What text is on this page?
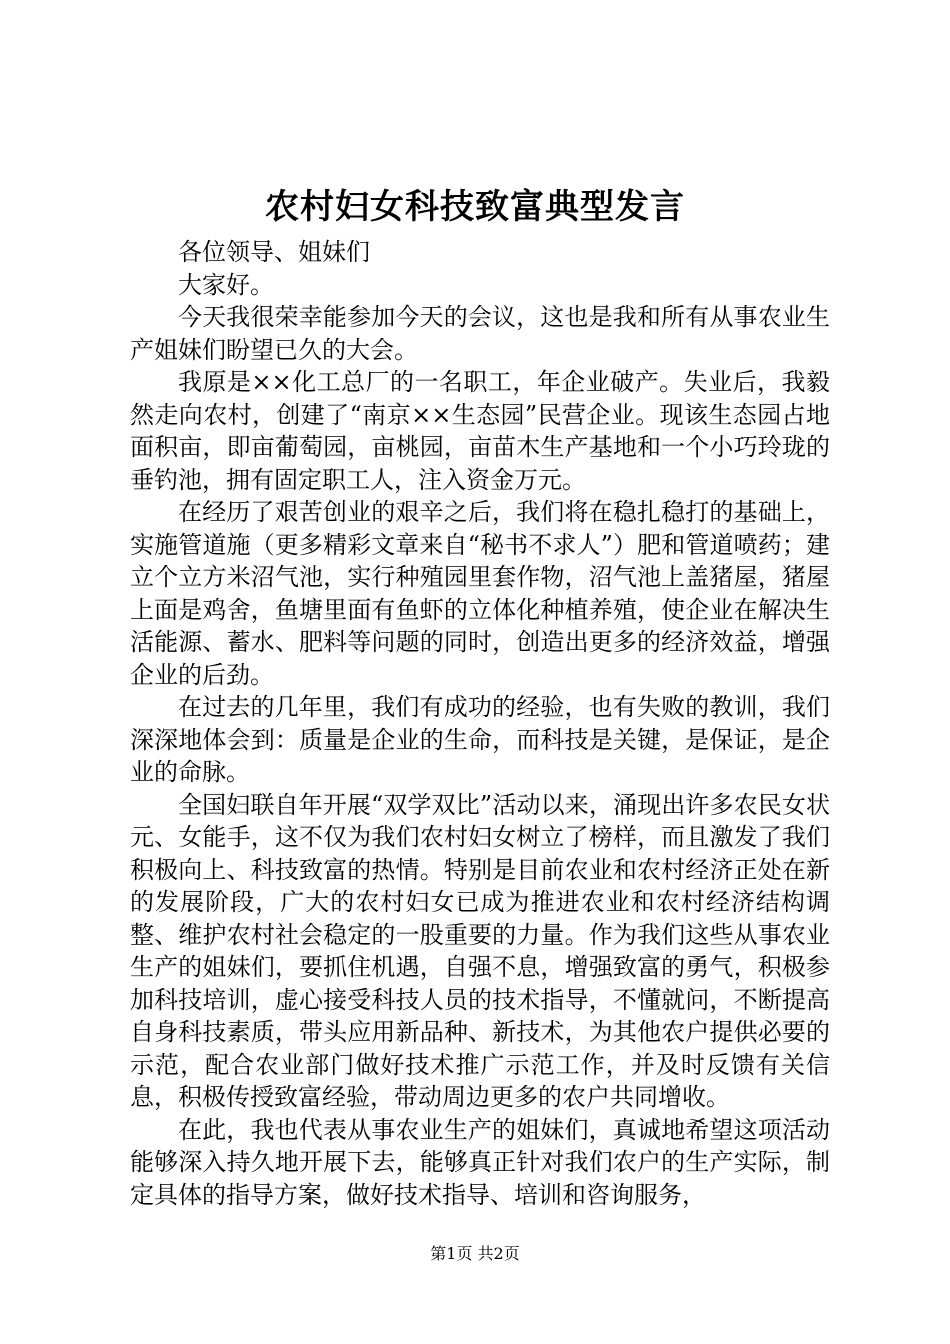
农村妇女科技致富典型发言

各位领导、姐妹们

大家好。

今天我很荣幸能参加今天的会议，这也是我和所有从事农业生产姐妹们盼望已久的大会。

我原是××化工总厂的一名职工，年企业破产。失业后，我毅然走向农村，创建了“南京××生态园”民营企业。现该生态园占地面积亩，即亩葡萄园，亩桃园，亩苗木生产基地和一个小巧玲珑的垂钓池，拥有固定职工人，注入资金万元。

在经历了艰苦创业的艰辛之后，我们将在稳扎稳打的基础上，实施管道施（更多精彩文章来自“秘书不求人”）肥和管道喷药；建立个立方米沼气池，实行种殖园里套作物，沼气池上盖猪屋，猪屋上面是鸡舍，鱼塘里面有鱼虾的立体化种植养殖，使企业在解决生活能源、蓄水、肥料等问题的同时，创造出更多的经济效益，增强企业的后劲。

在过去的几年里，我们有成功的经验，也有失败的教训，我们深深地体会到：质量是企业的生命，而科技是关键，是保证，是企业的命脉。

全国妇联自年开展“双学双比”活动以来，涌现出许多农民女状元、女能手，这不仅为我们农村妇女树立了榜样，而且激发了我们积极向上、科技致富的热情。特别是目前农业和农村经济正处在新的发展阶段，广大的农村妇女已成为推进农业和农村经济结构调整、维护农村社会稳定的一股重要的力量。作为我们这些从事农业生产的姐妹们，要抓住机遇，自强不息，增强致富的勇气，积极参加科技培训，虚心接受科技人员的技术指导，不懂就问，不断提高自身科技素质，带头应用新品种、新技术，为其他农户提供必要的示范，配合农业部门做好技术推广示范工作，并及时反馈有关信息，积极传授致富经验，带动周边更多的农户共同增收。

在此，我也代表从事农业生产的姐妹们，真诚地希望这项活动能够深入持久地开展下去，能够真正针对我们农户的生产实际，制定具体的指导方案，做好技术指导、培训和咨询服务，

第1页 共2页
